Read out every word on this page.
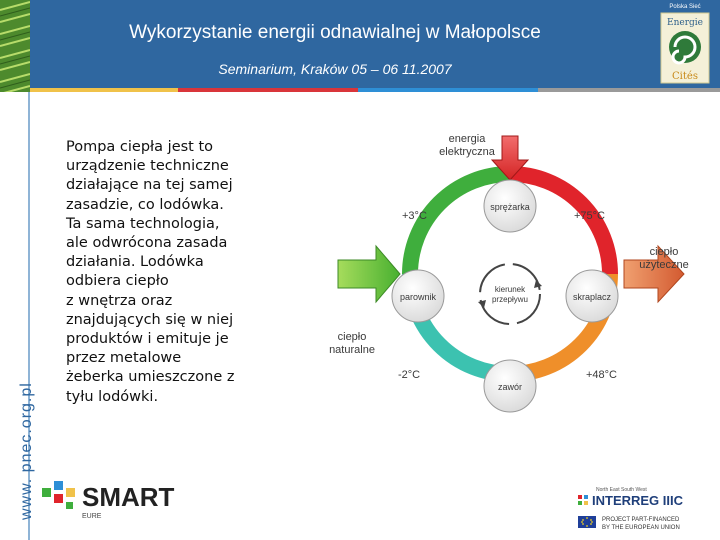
Wykorzystanie energii odnawialnej w Małopolsce
Seminarium, Kraków 05 – 06 11.2007
Polska Sieć
Energie
Cités
www. pnec.org.pl
Pompa ciepła jest to
urządzenie techniczne
działające na tej samej
zasadzie, co lodówka.
Ta sama technologia,
ale odwrócona zasada
działania. Lodówka
odbiera ciepło
z wnętrza oraz
znajdujących się w niej
produktów i emituje je
przez metalowe
żeberka umieszczone z
tyłu lodówki.
energia
elektryczna
sprężarka
parownik	skraplacz
zawór
kierunek
przepływu
+3°C	+75°C
-2°C	+48°C
ciepło
naturalne
ciepło
użyteczne
SMART
EURE
North East South West
INTERREG IIIC
PROJECT PART-FINANCED
BY THE EUROPEAN UNION
